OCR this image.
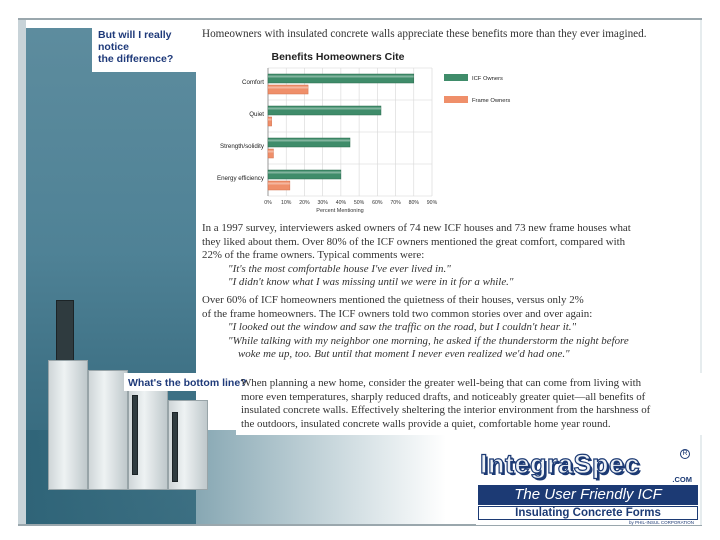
But will I really notice
the difference?
Homeowners with insulated concrete walls appreciate these benefits more than they ever imagined.
Benefits Homeowners Cite
Comfort
Quiet
Strength/solidity
Energy efficiency
0% 10% 20% 30% 40% 50% 60% 70% 80% 90%
Percent Mentioning
ICF Owners
Frame Owners

In a 1997 survey, interviewers asked owners of 74 new ICF houses and 73 new frame houses what

they liked about them. Over 80% of the ICF owners mentioned the great comfort, compared with

22% of the frame owners. Typical comments were:

"It's the most comfortable house I've ever lived in."

"I didn't know what I was missing until we were in it for a while."

Over 60% of ICF homeowners mentioned the quietness of their houses, versus only 2%

of the frame homeowners. The ICF owners told two common stories over and over again:

"I looked out the window and saw the traffic on the road, but I couldn't hear it."

"While talking with my neighbor one morning, he asked if the thunderstorm the night before

woke me up, too. But until that moment I never even realized we'd had one."

What's the bottom line?

When planning a new home, consider the greater well-being that can come from living with

more even temperatures, sharply reduced drafts, and noticeably greater quiet—all benefits of

insulated concrete walls. Effectively sheltering the interior environment from the harshness of

the outdoors, insulated concrete walls provide a quiet, comfortable home year round.

IntegraSpec	R
.COM
The User Friendly ICF
Insulating Concrete Forms
by PHIL-INSUL CORPORATION
